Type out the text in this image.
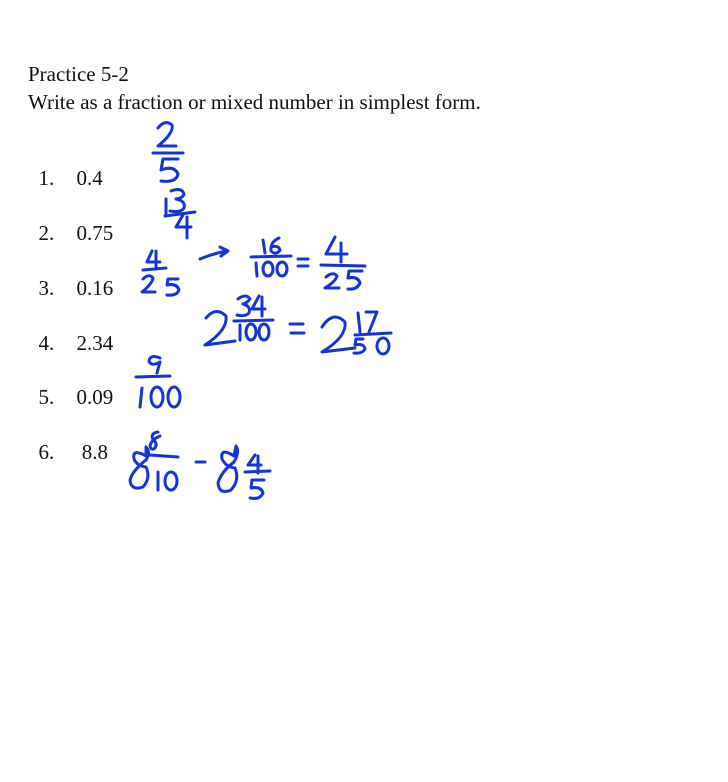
Practice 5-2
Write as a fraction or mixed number in simplest form.

1. 0.4

2. 0.75

3. 0.16

4. 2.34

5. 0.09

6. 8.8
